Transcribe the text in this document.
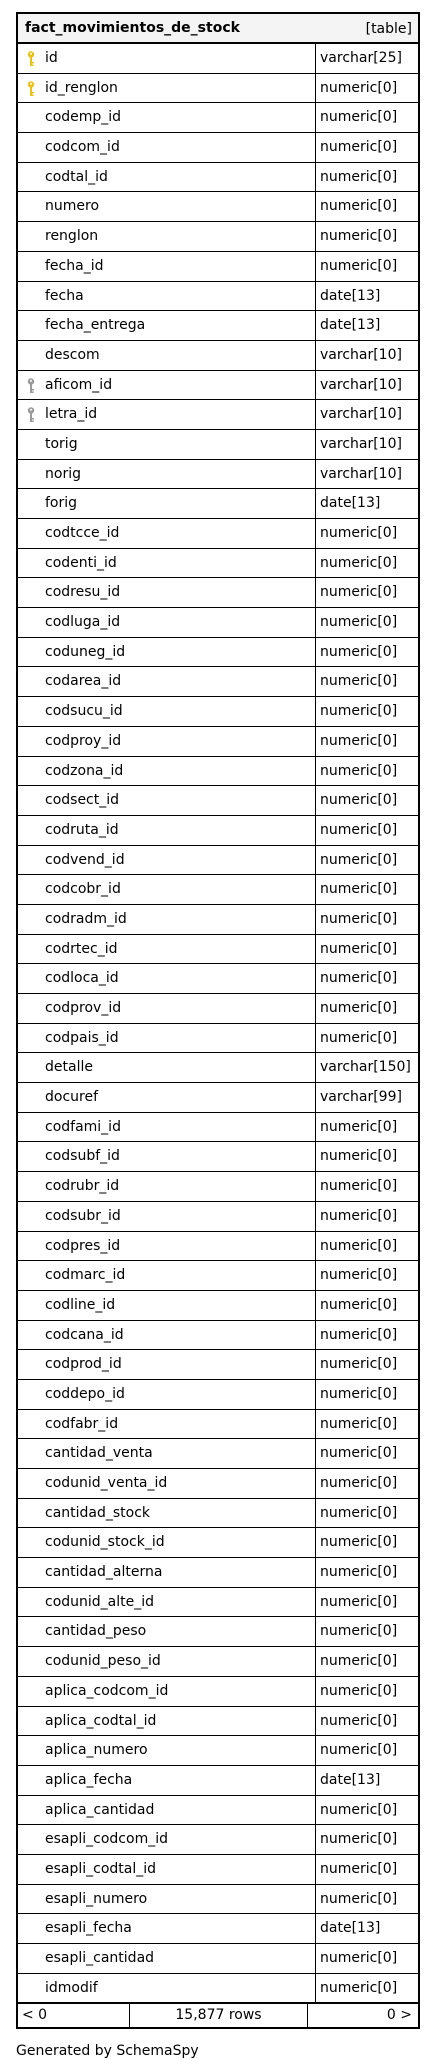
fact_movimientos_de_stock	[table]
id	varchar[25]
id_renglon	numeric[0]
codemp_id	numeric[0]
codcom_id	numeric[0]
codtal_id	numeric[0]
numero	numeric[0]
renglon	numeric[0]
fecha_id	numeric[0]
fecha	date[13]
fecha_entrega	date[13]
descom	varchar[10]
aficom_id	varchar[10]
letra_id	varchar[10]
torig	varchar[10]
norig	varchar[10]
forig	date[13]
codtcce_id	numeric[0]
codenti_id	numeric[0]
codresu_id	numeric[0]
codluga_id	numeric[0]
coduneg_id	numeric[0]
codarea_id	numeric[0]
codsucu_id	numeric[0]
codproy_id	numeric[0]
codzona_id	numeric[0]
codsect_id	numeric[0]
codruta_id	numeric[0]
codvend_id	numeric[0]
codcobr_id	numeric[0]
codradm_id	numeric[0]
codrtec_id	numeric[0]
codloca_id	numeric[0]
codprov_id	numeric[0]
codpais_id	numeric[0]
detalle	varchar[150]
docuref	varchar[99]
codfami_id	numeric[0]
codsubf_id	numeric[0]
codrubr_id	numeric[0]
codsubr_id	numeric[0]
codpres_id	numeric[0]
codmarc_id	numeric[0]
codline_id	numeric[0]
codcana_id	numeric[0]
codprod_id	numeric[0]
coddepo_id	numeric[0]
codfabr_id	numeric[0]
cantidad_venta	numeric[0]
codunid_venta_id	numeric[0]
cantidad_stock	numeric[0]
codunid_stock_id	numeric[0]
cantidad_alterna	numeric[0]
codunid_alte_id	numeric[0]
cantidad_peso	numeric[0]
codunid_peso_id	numeric[0]
aplica_codcom_id	numeric[0]
aplica_codtal_id	numeric[0]
aplica_numero	numeric[0]
aplica_fecha	date[13]
aplica_cantidad	numeric[0]
esapli_codcom_id	numeric[0]
esapli_codtal_id	numeric[0]
esapli_numero	numeric[0]
esapli_fecha	date[13]
esapli_cantidad	numeric[0]
idmodif	numeric[0]
< 0	15,877 rows	0 >
Generated by SchemaSpy
